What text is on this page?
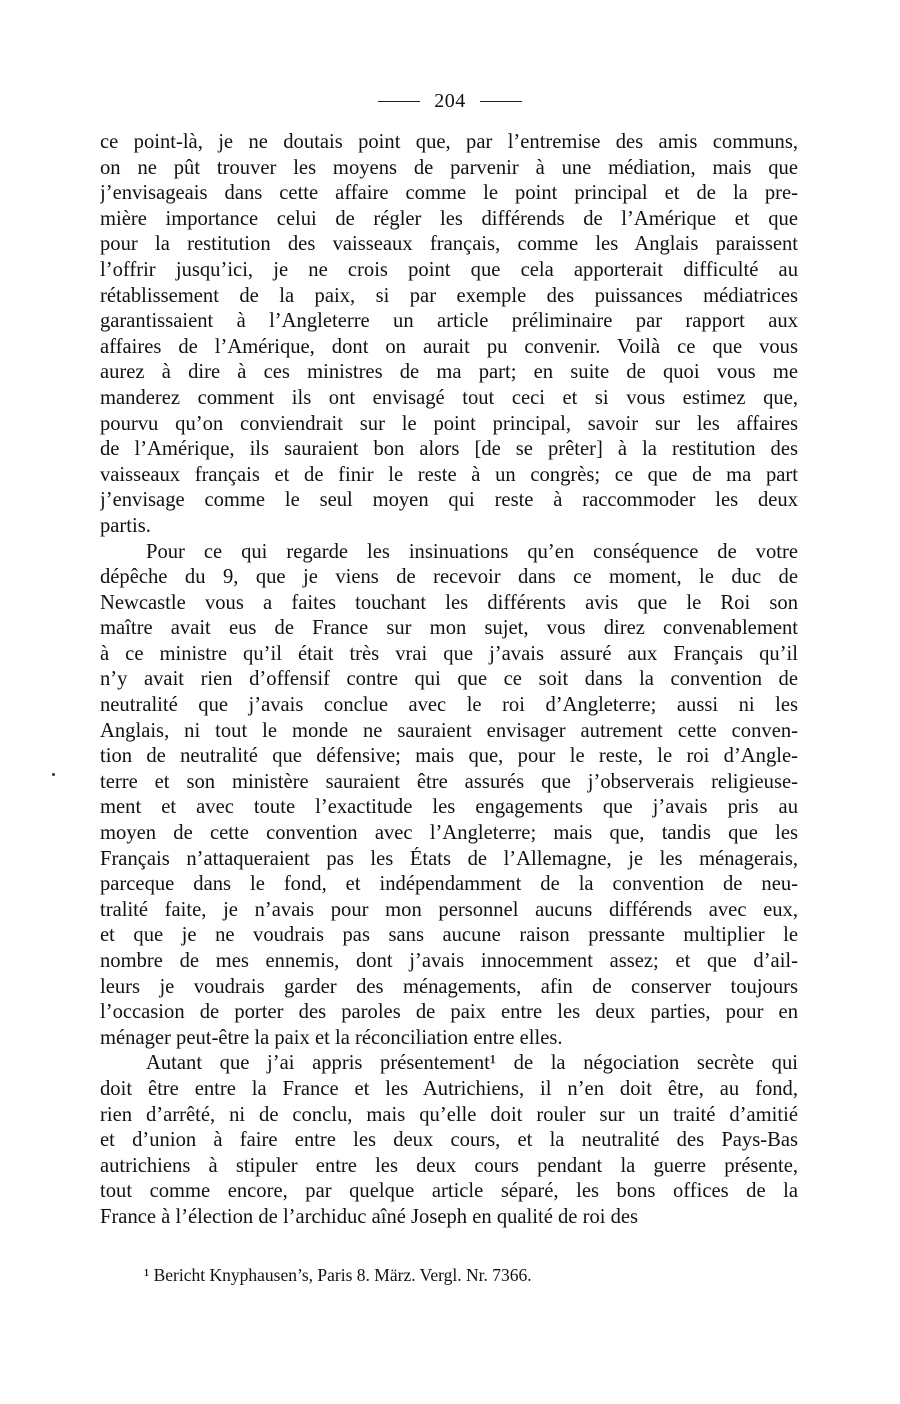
204
ce point-là, je ne doutais point que, par l’entremise des amis communs,
on ne pût trouver les moyens de parvenir à une médiation, mais que
j’envisageais dans cette affaire comme le point principal et de la pre-
mière importance celui de régler les différends de l’Amérique et que
pour la restitution des vaisseaux français, comme les Anglais paraissent
l’offrir jusqu’ici, je ne crois point que cela apporterait difficulté au
rétablissement de la paix, si par exemple des puissances médiatrices
garantissaient à l’Angleterre un article préliminaire par rapport aux
affaires de l’Amérique, dont on aurait pu convenir. Voilà ce que vous
aurez à dire à ces ministres de ma part; en suite de quoi vous me
manderez comment ils ont envisagé tout ceci et si vous estimez que,
pourvu qu’on conviendrait sur le point principal, savoir sur les affaires
de l’Amérique, ils sauraient bon alors [de se prêter] à la restitution des
vaisseaux français et de finir le reste à un congrès; ce que de ma part
j’envisage comme le seul moyen qui reste à raccommoder les deux
partis.
Pour ce qui regarde les insinuations qu’en conséquence de votre
dépêche du 9, que je viens de recevoir dans ce moment, le duc de
Newcastle vous a faites touchant les différents avis que le Roi son
maître avait eus de France sur mon sujet, vous direz convenablement
à ce ministre qu’il était très vrai que j’avais assuré aux Français qu’il
n’y avait rien d’offensif contre qui que ce soit dans la convention de
neutralité que j’avais conclue avec le roi d’Angleterre; aussi ni les
Anglais, ni tout le monde ne sauraient envisager autrement cette conven-
tion de neutralité que défensive; mais que, pour le reste, le roi d’Angle-
terre et son ministère sauraient être assurés que j’observerais religieuse-
ment et avec toute l’exactitude les engagements que j’avais pris au
moyen de cette convention avec l’Angleterre; mais que, tandis que les
Français n’attaqueraient pas les États de l’Allemagne, je les ménagerais,
parceque dans le fond, et indépendamment de la convention de neu-
tralité faite, je n’avais pour mon personnel aucuns différends avec eux,
et que je ne voudrais pas sans aucune raison pressante multiplier le
nombre de mes ennemis, dont j’avais innocemment assez; et que d’ail-
leurs je voudrais garder des ménagements, afin de conserver toujours
l’occasion de porter des paroles de paix entre les deux parties, pour en
ménager peut-être la paix et la réconciliation entre elles.
Autant que j’ai appris présentement¹ de la négociation secrète qui
doit être entre la France et les Autrichiens, il n’en doit être, au fond,
rien d’arrêté, ni de conclu, mais qu’elle doit rouler sur un traité d’amitié
et d’union à faire entre les deux cours, et la neutralité des Pays-Bas
autrichiens à stipuler entre les deux cours pendant la guerre présente,
tout comme encore, par quelque article séparé, les bons offices de la
France à l’élection de l’archiduc aîné Joseph en qualité de roi des
¹ Bericht Knyphausen’s, Paris 8. März. Vergl. Nr. 7366.
